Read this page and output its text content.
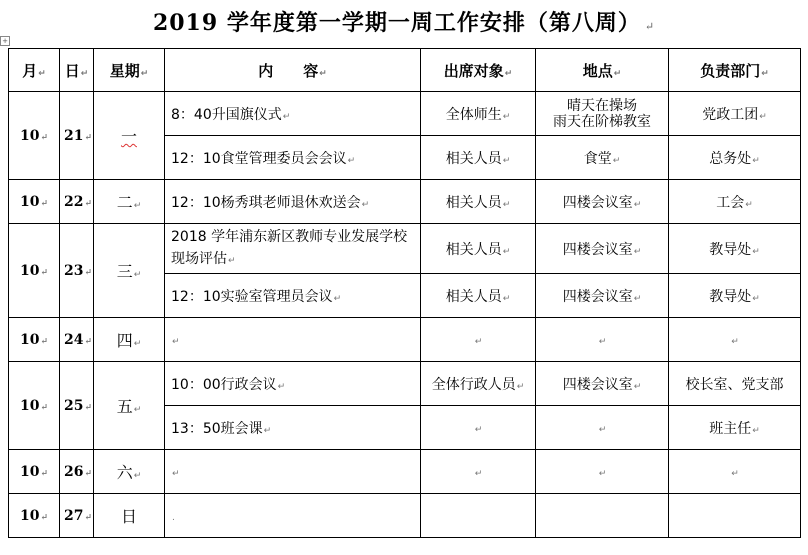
2019 学年度第一学期一周工作安排（第八周） ↵
+
月↵	日↵	星期↵	内　　容↵	出席对象↵	地点↵	负责部门↵
10↵	21↵	一	8：40升国旗仪式↵	全体师生↵	晴天在操场
雨天在阶梯教室	党政工团↵
			12：10食堂管理委员会会议↵	相关人员↵	食堂↵	总务处↵
10↵	22↵	二↵	12：10杨秀琪老师退休欢送会↵	相关人员↵	四楼会议室↵	工会↵
10↵	23↵	三↵	2018 学年浦东新区教师专业发展学校现场评估↵	相关人员↵	四楼会议室↵	教导处↵
			12：10实验室管理员会议↵	相关人员↵	四楼会议室↵	教导处↵
10↵	24↵	四↵	↵	↵	↵	↵
10↵	25↵	五↵	10：00行政会议↵	全体行政人员↵	四楼会议室↵	校长室、党支部
			13：50班会课↵	↵	↵	班主任↵
10↵	26↵	六↵	↵	↵	↵	↵
10↵	27↵	日	.			
